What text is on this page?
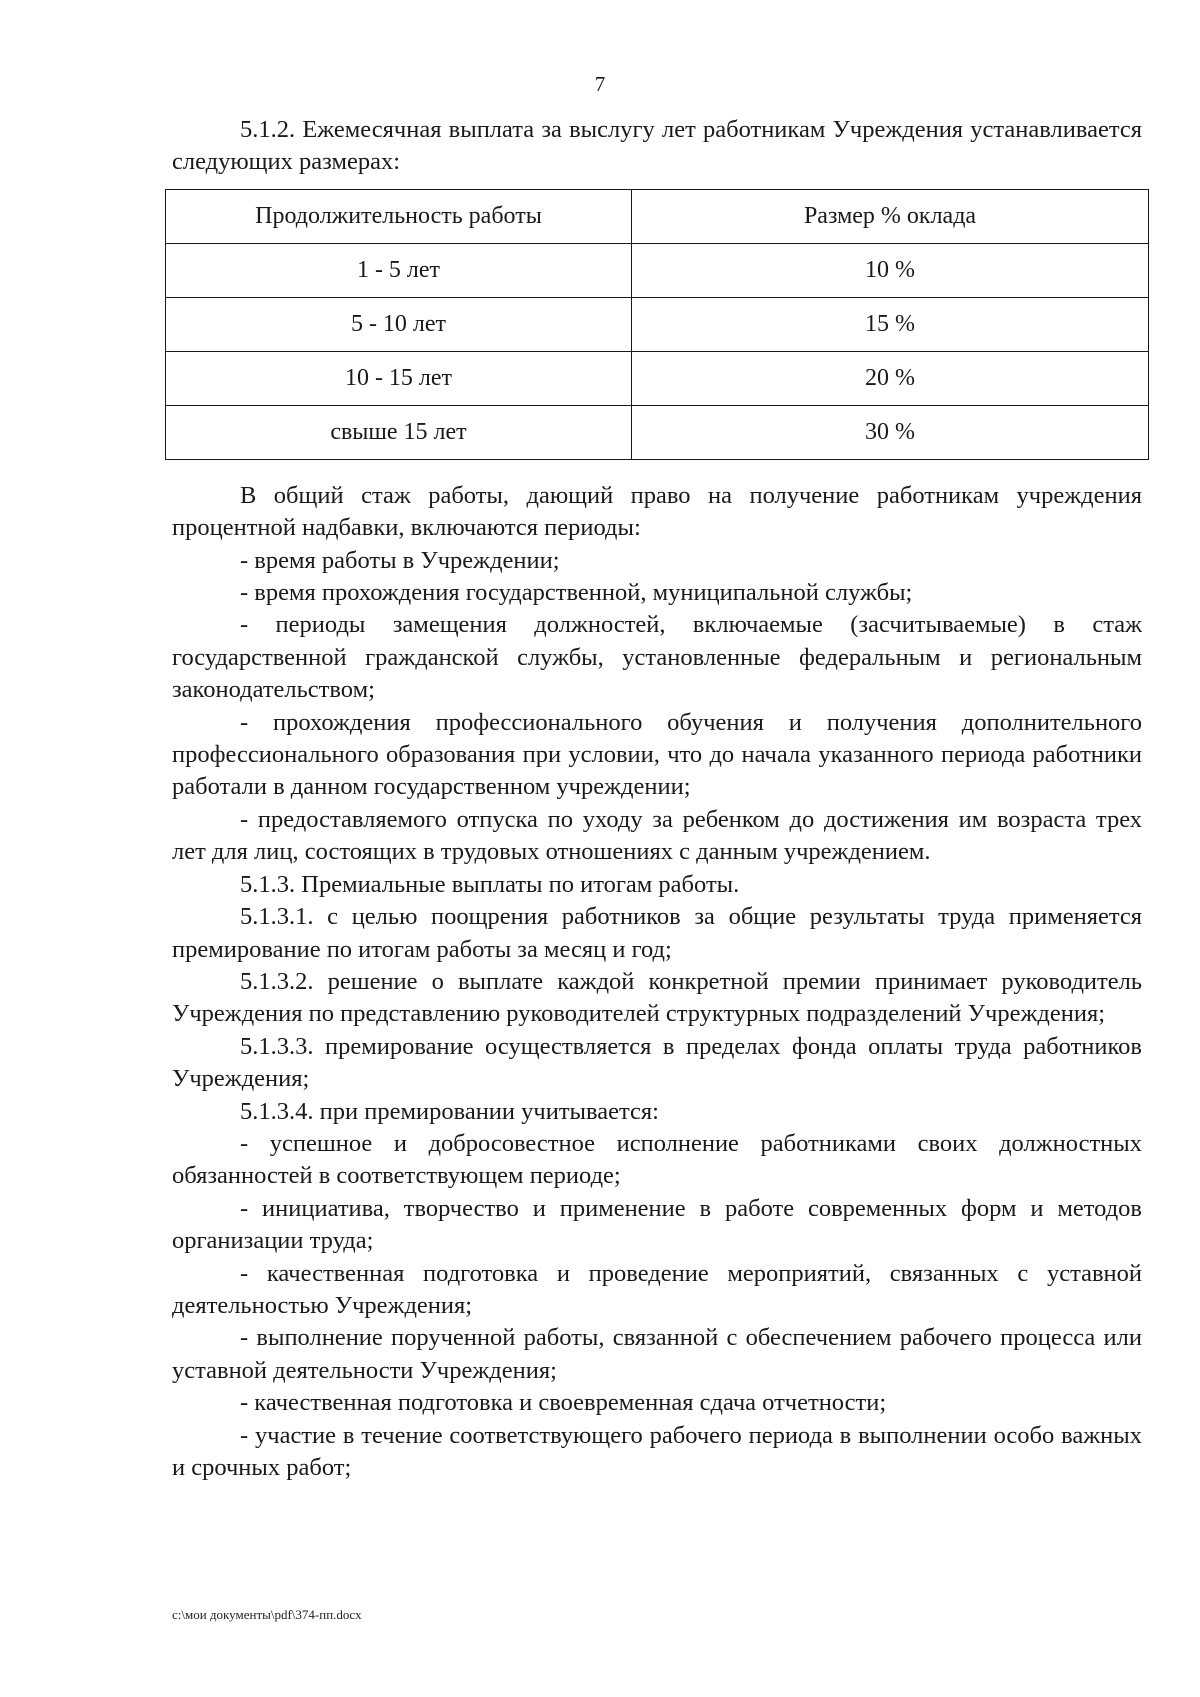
7

5.1.2. Ежемесячная выплата за выслугу лет работникам Учреждения устанавливается следующих размерах:

Продолжительность работы	Размер % оклада
1 - 5 лет	10 %
5 - 10 лет	15 %
10 - 15 лет	20 %
свыше 15 лет	30 %

В общий стаж работы, дающий право на получение работникам учреждения процентной надбавки, включаются периоды:

- время работы в Учреждении;

- время прохождения государственной, муниципальной службы;

- периоды замещения должностей, включаемые (засчитываемые) в стаж государственной гражданской службы, установленные федеральным и региональным законодательством;

- прохождения профессионального обучения и получения дополнительного профессионального образования при условии, что до начала указанного периода работники работали в данном государственном учреждении;

- предоставляемого отпуска по уходу за ребенком до достижения им возраста трех лет для лиц, состоящих в трудовых отношениях с данным учреждением.

5.1.3. Премиальные выплаты по итогам работы.

5.1.3.1. с целью поощрения работников за общие результаты труда применяется премирование по итогам работы за месяц и год;

5.1.3.2. решение о выплате каждой конкретной премии принимает руководитель Учреждения по представлению руководителей структурных подразделений Учреждения;

5.1.3.3. премирование осуществляется в пределах фонда оплаты труда работников Учреждения;

5.1.3.4. при премировании учитывается:

- успешное и добросовестное исполнение работниками своих должностных обязанностей в соответствующем периоде;

- инициатива, творчество и применение в работе современных форм и методов организации труда;

- качественная подготовка и проведение мероприятий, связанных с уставной деятельностью Учреждения;

- выполнение порученной работы, связанной с обеспечением рабочего процесса или уставной деятельности Учреждения;

- качественная подготовка и своевременная сдача отчетности;

- участие в течение соответствующего рабочего периода в выполнении особо важных и срочных работ;

c:\мои документы\pdf\374-пп.docx
